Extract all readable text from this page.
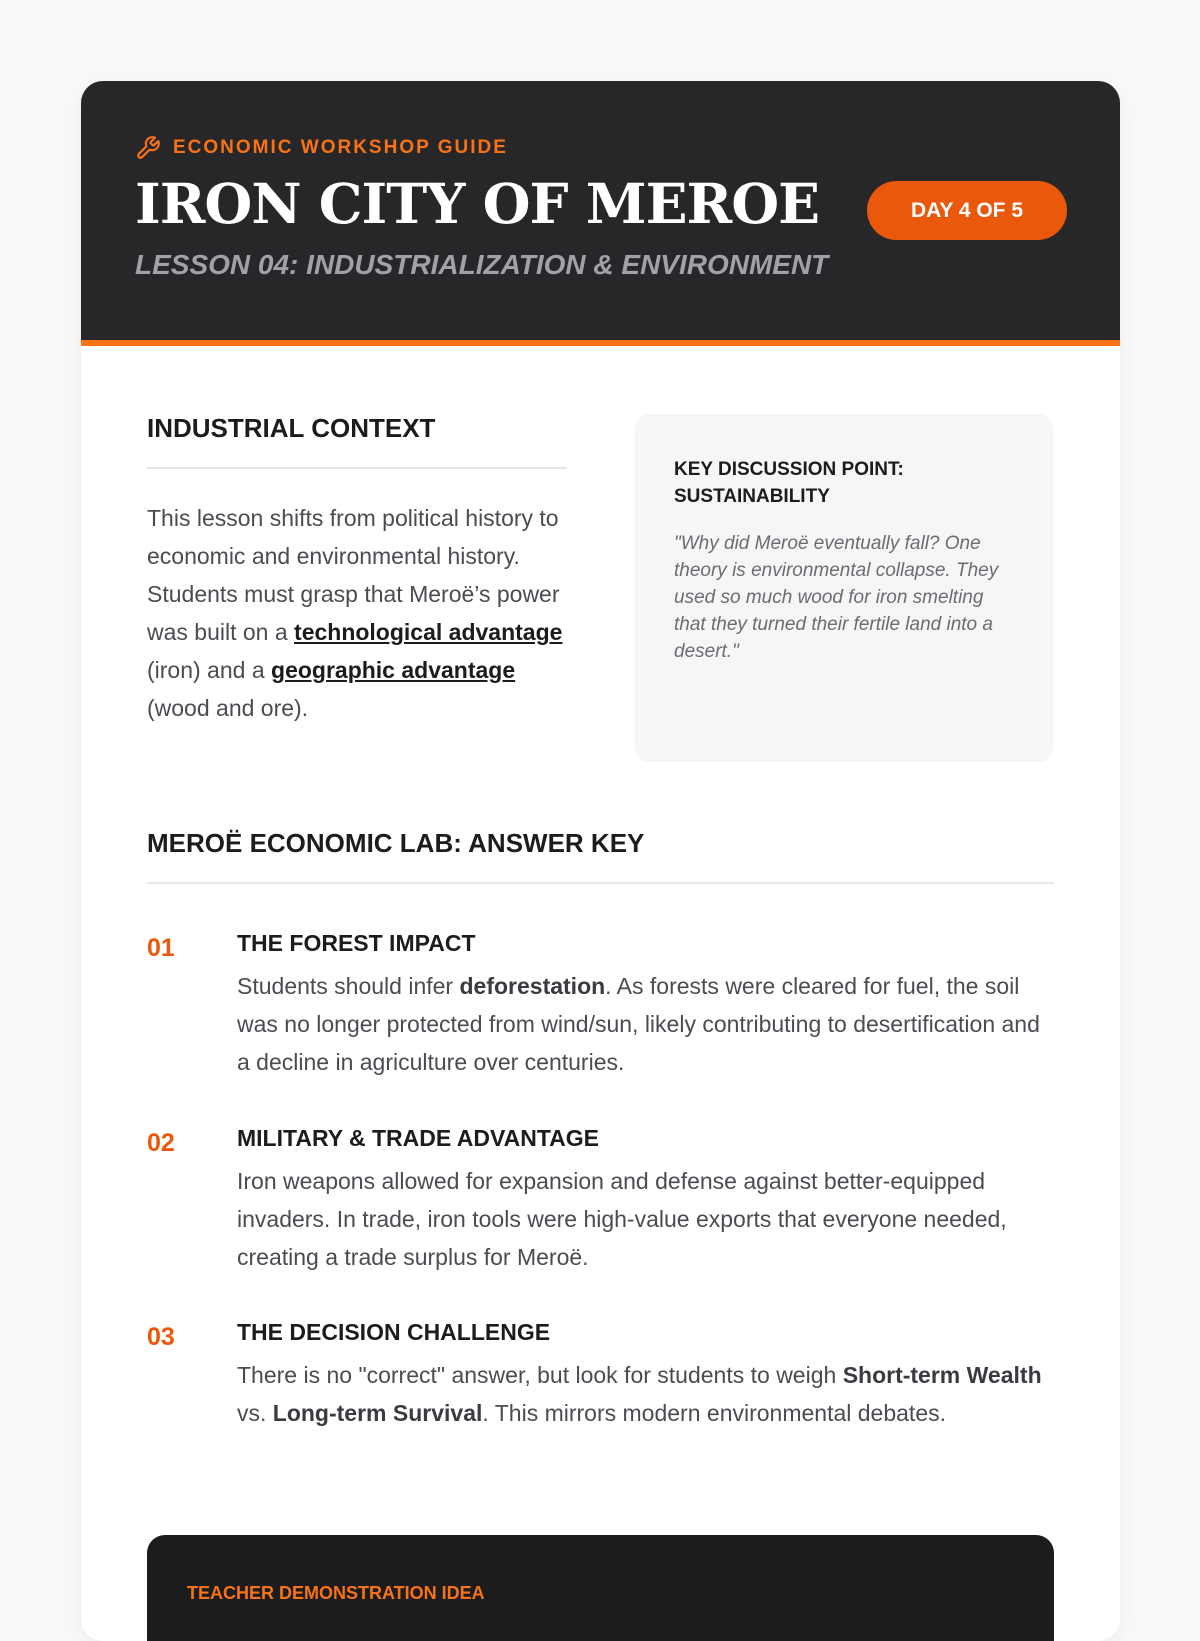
ECONOMIC WORKSHOP GUIDE
IRON CITY OF MEROE
LESSON 04: INDUSTRIALIZATION & ENVIRONMENT
DAY 4 OF 5
INDUSTRIAL CONTEXT

This lesson shifts from political history to economic and environmental history. Students must grasp that Meroë’s power was built on a technological advantage (iron) and a geographic advantage (wood and ore).

KEY DISCUSSION POINT: SUSTAINABILITY
"Why did Meroë eventually fall? One theory is environmental collapse. They used so much wood for iron smelting that they turned their fertile land into a desert."
MEROË ECONOMIC LAB: ANSWER KEY
01	THE FOREST IMPACT

Students should infer deforestation. As forests were cleared for fuel, the soil was no longer protected from wind/sun, likely contributing to desertification and a decline in agriculture over centuries.

02	MILITARY & TRADE ADVANTAGE

Iron weapons allowed for expansion and defense against better-equipped invaders. In trade, iron tools were high-value exports that everyone needed, creating a trade surplus for Meroë.

03	THE DECISION CHALLENGE

There is no "correct" answer, but look for students to weigh Short-term Wealth vs. Long-term Survival. This mirrors modern environmental debates.

TEACHER DEMONSTRATION IDEA
